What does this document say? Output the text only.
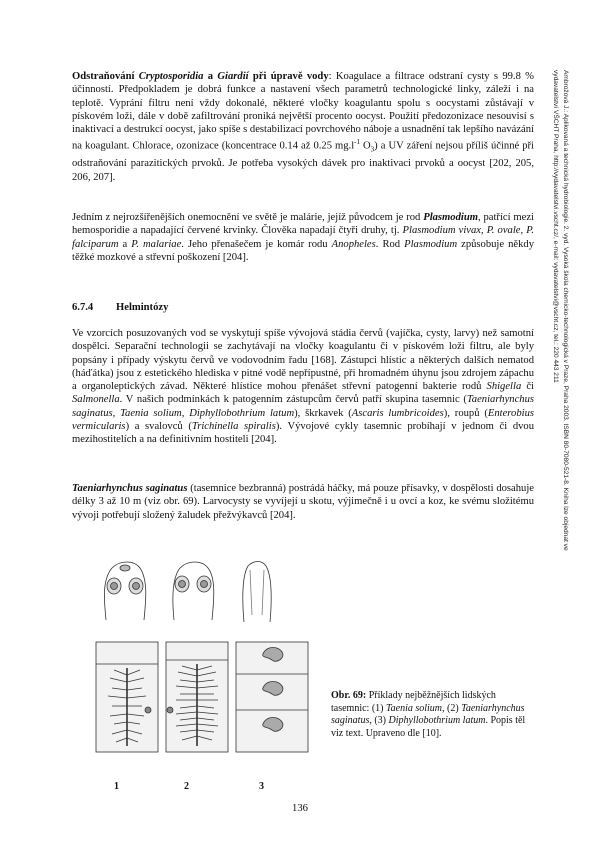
Odstraňování Cryptosporidia a Giardií při úpravě vody: Koagulace a filtrace odstraní cysty s 99.8 % účinností. Předpokladem je dobrá funkce a nastavení všech parametrů technologické linky, záleží i na teplotě. Vyprání filtru není vždy dokonalé, některé vločky koagulantu spolu s oocystami zůstávají v pískovém loži, dále v době zafiltrování proniká největší procento oocyst. Použití předozonizace nesouvisí s inaktivací a destrukcí oocyst, jako spíše s destabilizací povrchového náboje a usnadnění tak lepšího navázání na koagulant. Chlorace, ozonizace (koncentrace 0.14 až 0.25 $mg.l^{-1}$ $O_3$) a UV záření nejsou příliš účinné při odstraňování parazitických prvoků. Je potřeba vysokých dávek pro inaktivaci prvoků a oocyst [202, 205, 206, 207].
Jedním z nejrozšířenějších onemocnění ve světě je malárie, jejíž původcem je rod Plasmodium, patřící mezi hemosporidie a napadající červené krvinky. Člověka napadají čtyři druhy, tj. Plasmodium vivax, P. ovale, P. falciparum a P. malariae. Jeho přenašečem je komár rodu Anopheles. Rod Plasmodium způsobuje někdy těžké mozkové a střevní poškození [204].
6.7.4 Helmintózy
Ve vzorcích posuzovaných vod se vyskytují spíše vývojová stádia červů (vajíčka, cysty, larvy) než samotní dospělci. Separační technologii se zachytávají na vločky koagulantu či v pískovém loži filtru, ale byly popsány i případy výskytu červů ve vodovodním řadu [168]. Zástupci hlístic a některých dalších nematod (háďátka) jsou z estetického hlediska v pitné vodě nepřípustné, při hromadném úhynu jsou zdrojem zápachu a organoleptických závad. Některé hlístice mohou přenášet střevní patogenní bakterie rodů Shigella či Salmonella. V našich podmínkách k patogenním zástupcům červů patří skupina tasemnic (Taeniarhynchus saginatus, Taenia solium, Diphyllobothrium latum), škrkavek (Ascaris lumbricoides), roupů (Enterobius vermicularis) a svalovců (Trichinella spiralis). Vývojové cykly tasemnic probíhají v jednom či dvou mezihostitelích a na definitivním hostiteli [204].
Taeniarhynchus saginatus (tasemnice bezbranná) postrádá háčky, má pouze přísavky, v dospělosti dosahuje délky 3 až 10 m (viz obr. 69). Larvocysty se vyvíjejí u skotu, výjimečně i u ovcí a koz, ke svému složitému vývoji potřebují složený žaludek přežvýkavců [204].	Ambrožová J.: Aplikovaná a technická hydrobiologie. 2. vyd. Vysoká škola chemicko-technologická v Praze, Praha 2003. ISBN 80-7080-521-8. Kniha lze objednat ve vydavatelství VŠCHT Praha, http://vydavatelstvi.vscht.cz/, e-mail: vydavatelstvi@vscht.cz, tel.: 220 443 211
1	2	3
Obr. 69: Příklady nejběžnějších lidských tasemnic: (1) Taenia solium, (2) Taeniarhynchus saginatus, (3) Diphyllobothrium latum. Popis těl viz text. Upraveno dle [10].
136
